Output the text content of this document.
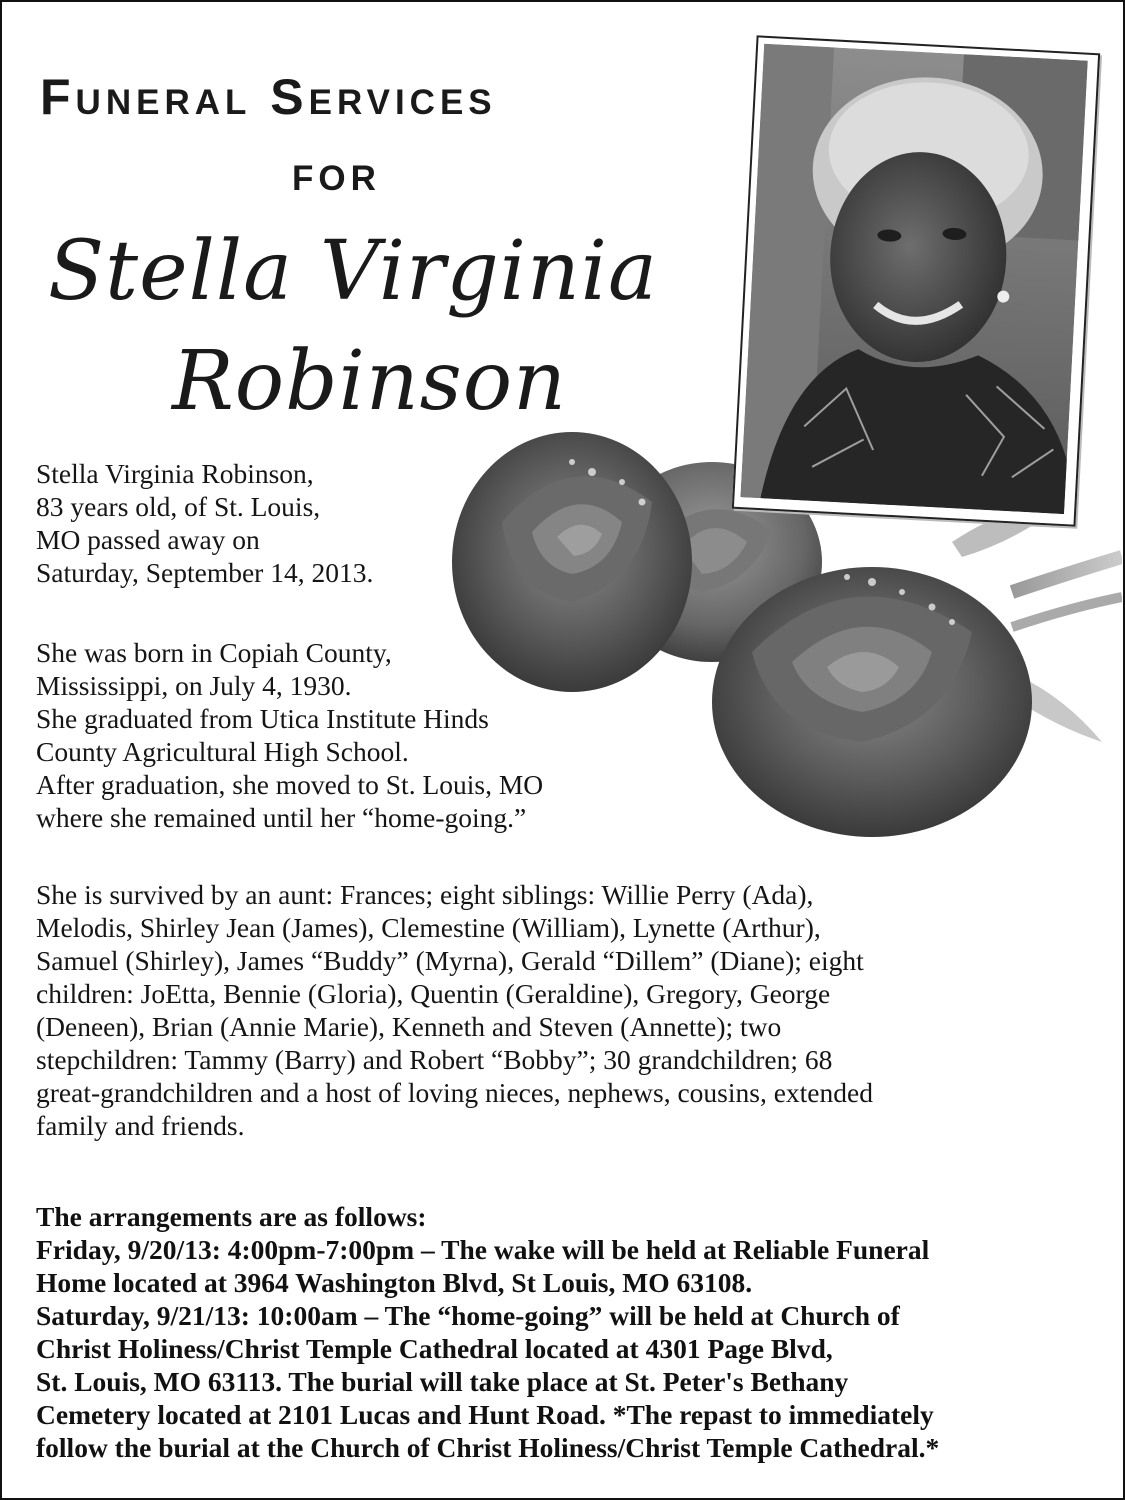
Funeral Services
for
Stella Virginia
Robinson
Stella Virginia Robinson,
83 years old, of St. Louis,
MO passed away on
Saturday, September 14, 2013.
She was born in Copiah County,
Mississippi, on July 4, 1930.
She graduated from Utica Institute Hinds
County Agricultural High School.
After graduation, she moved to St. Louis, MO
where she remained until her “home-going.”
She is survived by an aunt: Frances; eight siblings: Willie Perry (Ada),
Melodis, Shirley Jean (James), Clemestine (William), Lynette (Arthur),
Samuel (Shirley), James “Buddy” (Myrna), Gerald “Dillem” (Diane); eight
children: JoEtta, Bennie (Gloria), Quentin (Geraldine), Gregory, George
(Deneen), Brian (Annie Marie), Kenneth and Steven (Annette); two
stepchildren: Tammy (Barry) and Robert “Bobby”; 30 grandchildren; 68
great-grandchildren and a host of loving nieces, nephews, cousins, extended
family and friends.
The arrangements are as follows:
Friday, 9/20/13: 4:00pm-7:00pm – The wake will be held at Reliable Funeral
Home located at 3964 Washington Blvd, St Louis, MO 63108.
Saturday, 9/21/13: 10:00am – The “home-going” will be held at Church of
Christ Holiness/Christ Temple Cathedral located at 4301 Page Blvd,
St. Louis, MO 63113. The burial will take place at St. Peter's Bethany
Cemetery located at 2101 Lucas and Hunt Road. *The repast to immediately
follow the burial at the Church of Christ Holiness/Christ Temple Cathedral.*
